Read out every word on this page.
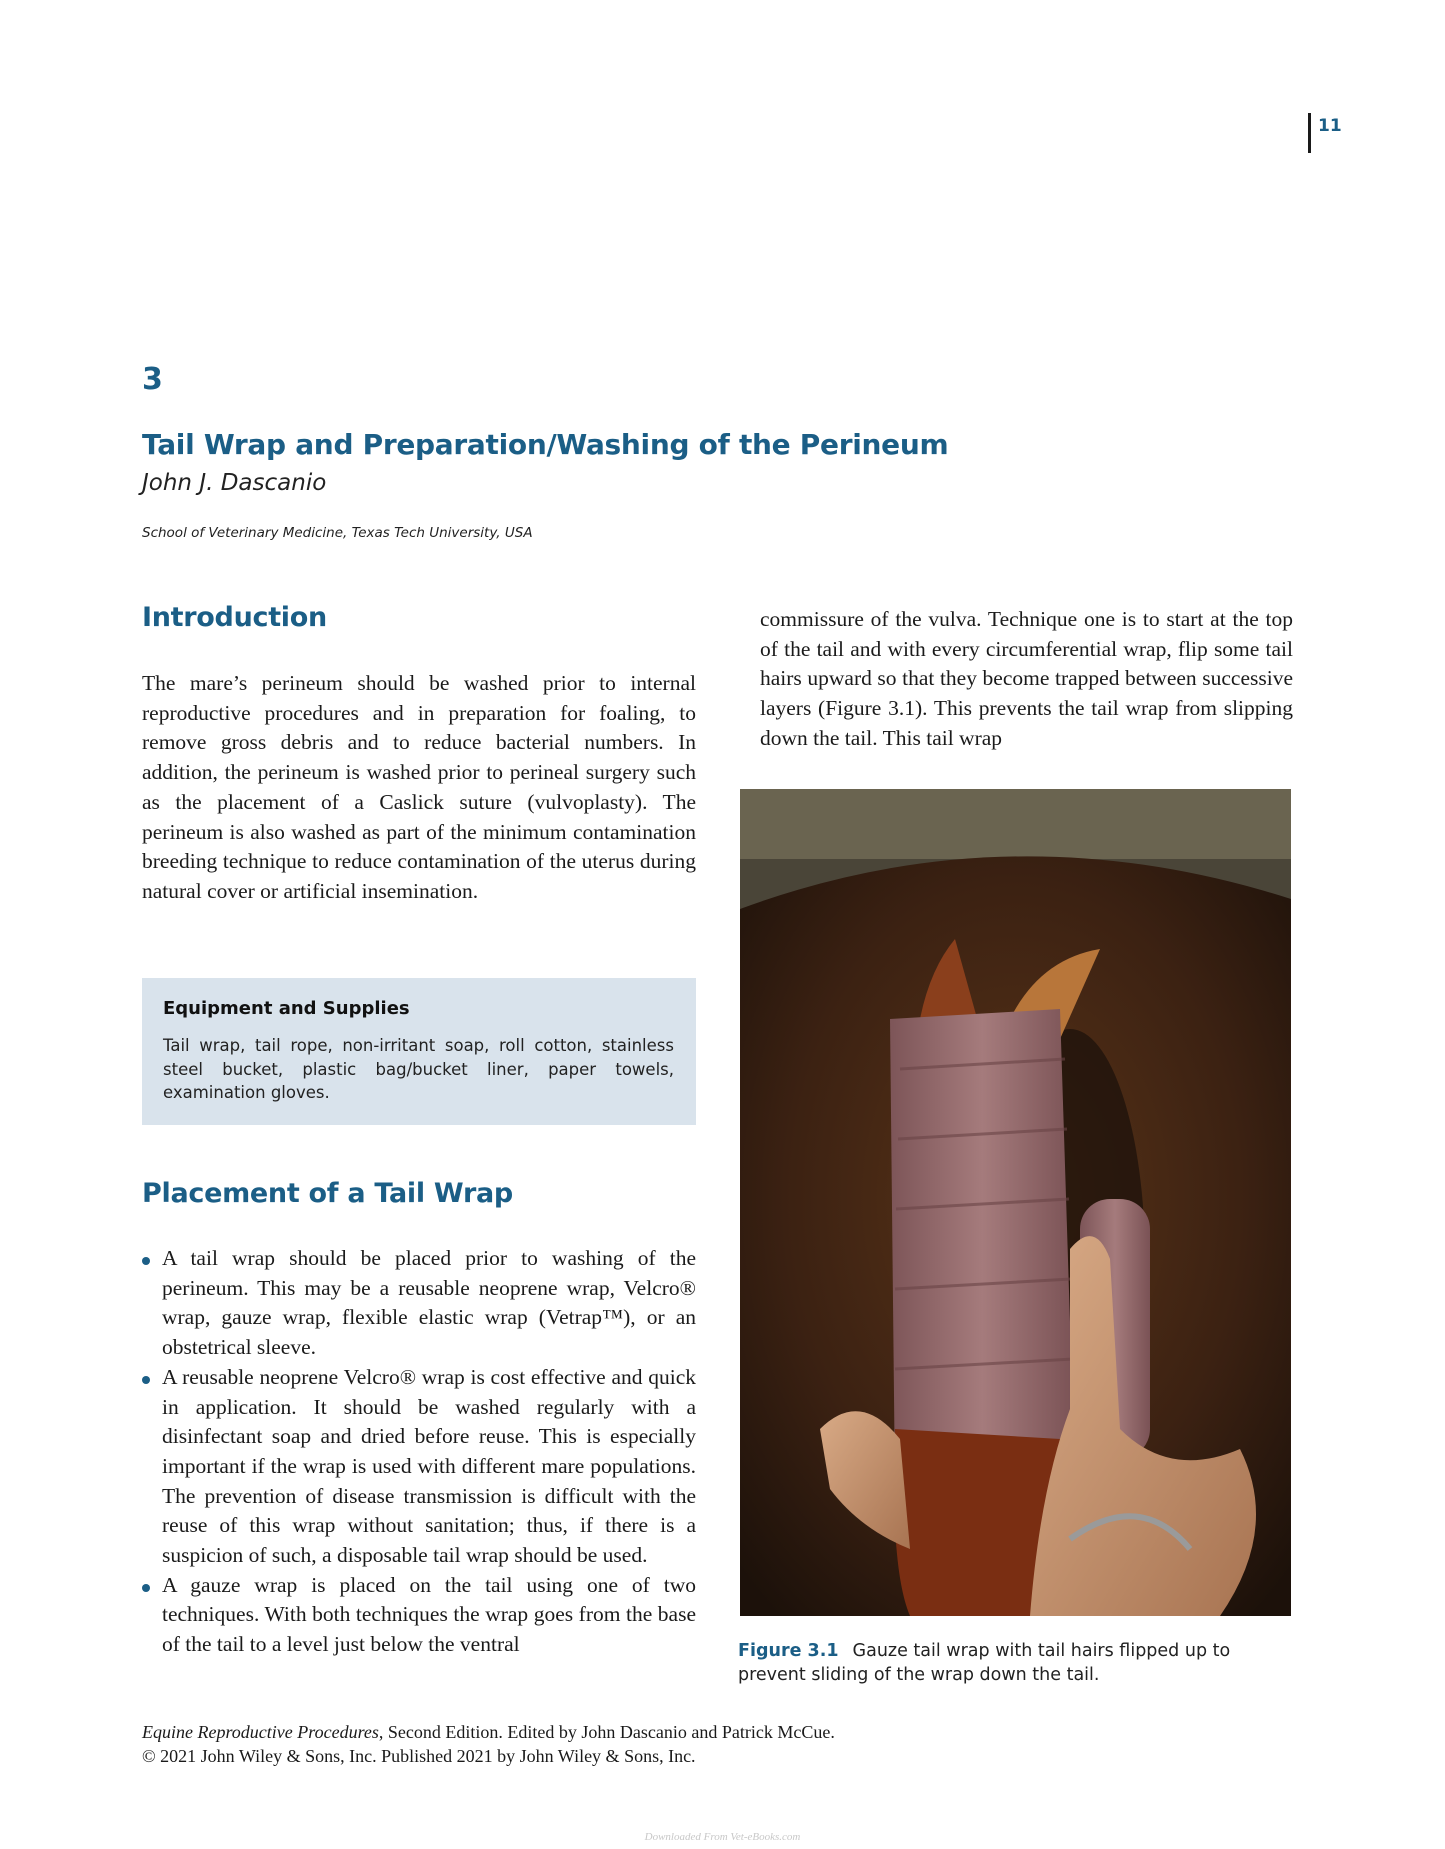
11
3
Tail Wrap and Preparation/Washing of the Perineum
John J. Dascanio
School of Veterinary Medicine, Texas Tech University, USA
Introduction
The mare’s perineum should be washed prior to internal reproductive procedures and in preparation for foaling, to remove gross debris and to reduce bacterial numbers. In addition, the perineum is washed prior to perineal surgery such as the placement of a Caslick suture (vulvoplasty). The perineum is also washed as part of the minimum contamination breeding technique to reduce contamination of the uterus during natural cover or artificial insemination.
Equipment and Supplies
Tail wrap, tail rope, non-irritant soap, roll cotton, stainless steel bucket, plastic bag/bucket liner, paper towels, examination gloves.
Placement of a Tail Wrap
A tail wrap should be placed prior to washing of the perineum. This may be a reusable neoprene wrap, Velcro® wrap, gauze wrap, flexible elastic wrap (Vetrap™), or an obstetrical sleeve.
A reusable neoprene Velcro® wrap is cost effective and quick in application. It should be washed regularly with a disinfectant soap and dried before reuse. This is especially important if the wrap is used with different mare populations. The prevention of disease transmission is difficult with the reuse of this wrap without sanitation; thus, if there is a suspicion of such, a disposable tail wrap should be used.
A gauze wrap is placed on the tail using one of two techniques. With both techniques the wrap goes from the base of the tail to a level just below the ventral
commissure of the vulva. Technique one is to start at the top of the tail and with every circumferential wrap, flip some tail hairs upward so that they become trapped between successive layers (Figure 3.1). This prevents the tail wrap from slipping down the tail. This tail wrap
Figure 3.1 Gauze tail wrap with tail hairs flipped up to prevent sliding of the wrap down the tail.
Equine Reproductive Procedures, Second Edition. Edited by John Dascanio and Patrick McCue.
© 2021 John Wiley & Sons, Inc. Published 2021 by John Wiley & Sons, Inc.
Downloaded From Vet-eBooks.com
